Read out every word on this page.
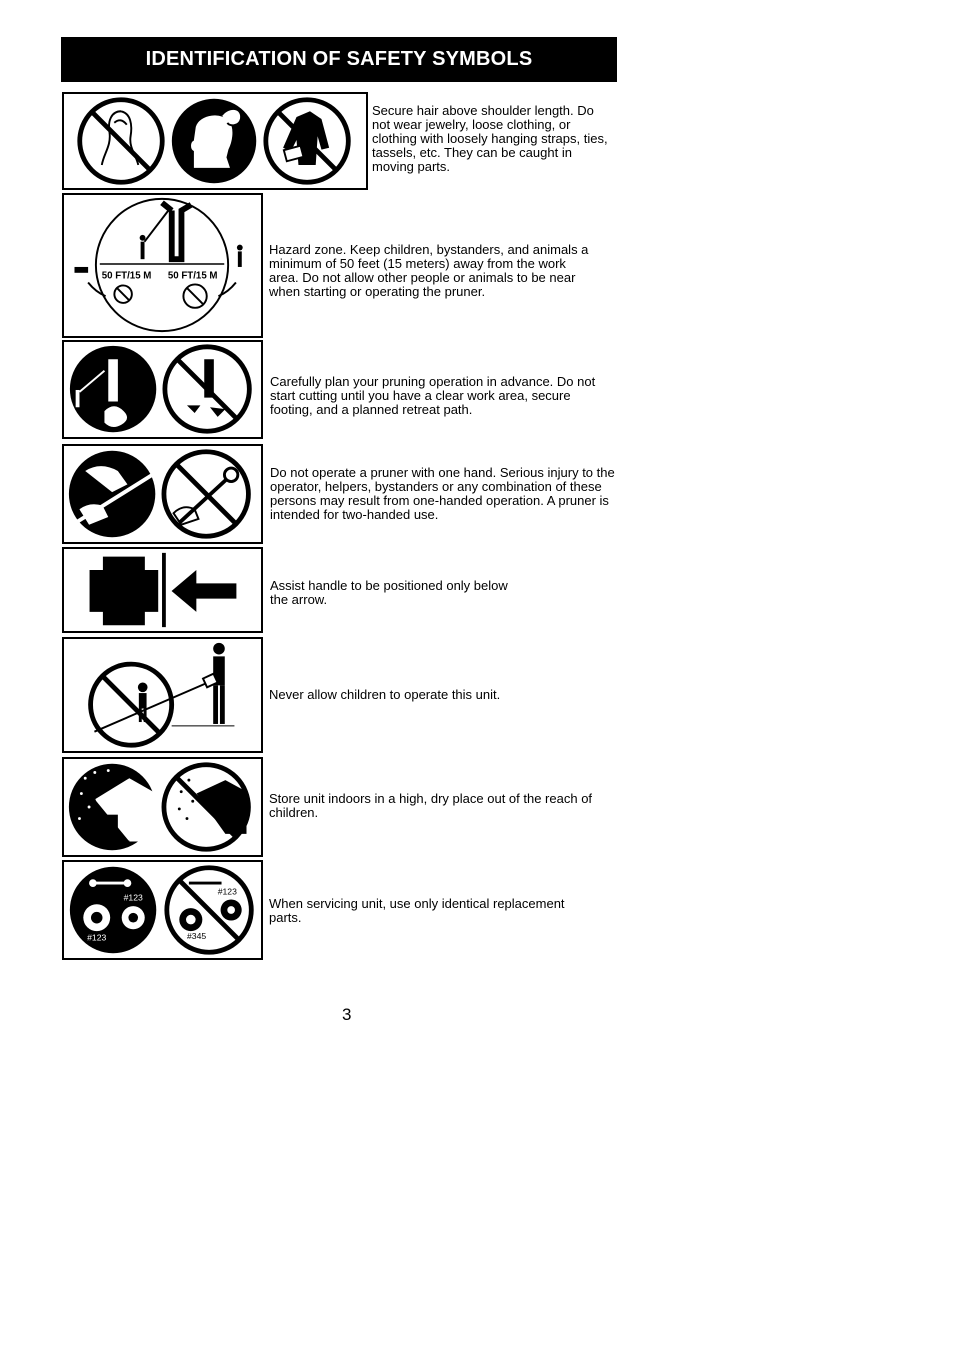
IDENTIFICATION OF SAFETY SYMBOLS
Secure hair above shoulder length. Do not wear jewelry, loose clothing, or clothing with loosely hanging straps, ties, tassels, etc. They can be caught in moving parts.
50 FT/15 M 50 FT/15 M
Hazard zone. Keep children, bystanders, and animals a minimum of 50 feet (15 meters) away from the work area. Do not allow other people or animals to be near when starting or operating the pruner.
Carefully plan your pruning operation in advance. Do not start cutting until you have a clear work area, secure footing, and a planned retreat path.
Do not operate a pruner with one hand. Serious injury to the operator, helpers, bystanders or any combination of these persons may result from one-handed operation. A pruner is intended for two-handed use.
Assist handle to be positioned only below the arrow.
Never allow children to operate this unit.
Store unit indoors in a high, dry place out of the reach of children.
#123
#123
#123
#345
When servicing unit, use only identical replacement parts.
3
